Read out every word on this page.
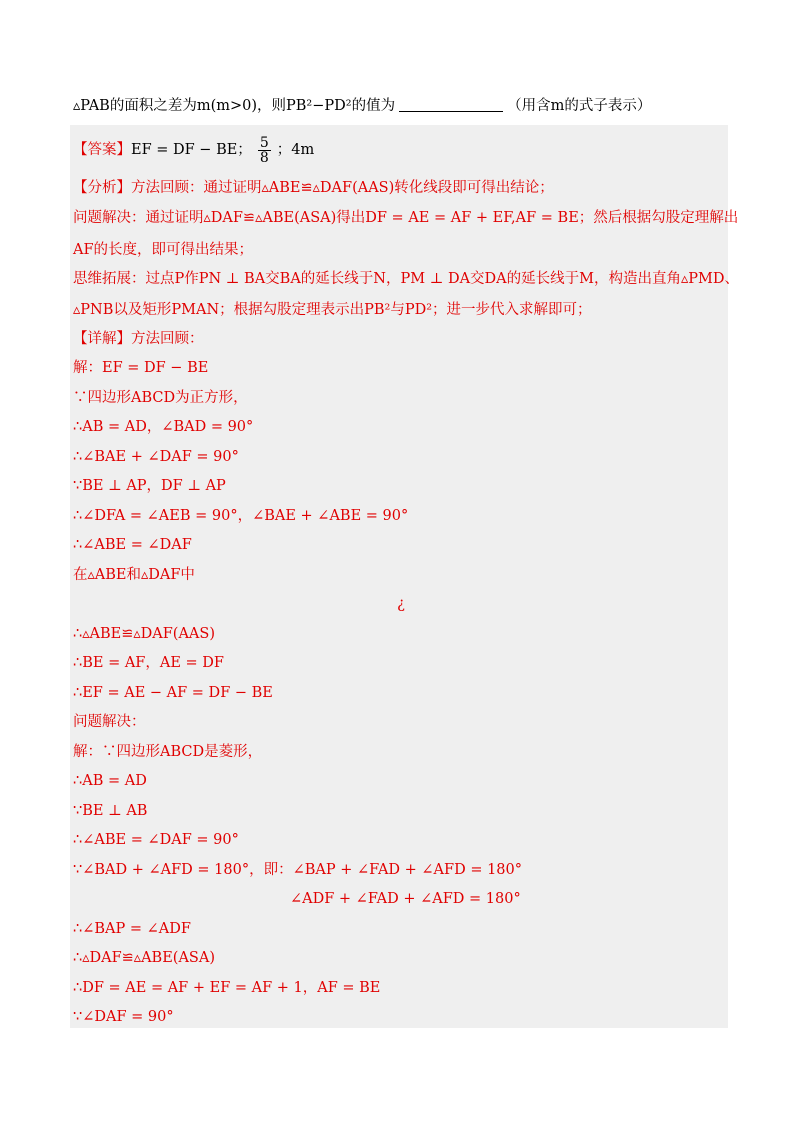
▵PAB的面积之差为m(m>0)，则PB²−PD²的值为	（用含m的式子表示）
【答案】EF = DF − BE； $\frac{5}{8}$ ；4m
【分析】方法回顾：通过证明▵ABE≌▵DAF(AAS)转化线段即可得出结论；
问题解决：通过证明▵DAF≌▵ABE(ASA)得出DF = AE = AF + EF,AF = BE；然后根据勾股定理解出
AF的长度，即可得出结果；
思维拓展：过点P作PN ⊥ BA交BA的延长线于N，PM ⊥ DA交DA的延长线于M，构造出直角▵PMD、
▵PNB以及矩形PMAN；根据勾股定理表示出PB²与PD²；进一步代入求解即可；
【详解】方法回顾：
解：EF = DF − BE
∵四边形ABCD为正方形，
∴AB = AD，∠BAD = 90°
∴∠BAE + ∠DAF = 90°
∵BE ⊥ AP，DF ⊥ AP
∴∠DFA = ∠AEB = 90°，∠BAE + ∠ABE = 90°
∴∠ABE = ∠DAF
在▵ABE和▵DAF中
¿
∴▵ABE≌▵DAF(AAS)
∴BE = AF，AE = DF
∴EF = AE − AF = DF − BE
问题解决：
解：∵四边形ABCD是菱形，
∴AB = AD
∵BE ⊥ AB
∴∠ABE = ∠DAF = 90°
∵∠BAD + ∠AFD = 180°，即：∠BAP + ∠FAD + ∠AFD = 180°
∠ADF + ∠FAD + ∠AFD = 180°
∴∠BAP = ∠ADF
∴▵DAF≌▵ABE(ASA)
∴DF = AE = AF + EF = AF + 1，AF = BE
∵∠DAF = 90°
